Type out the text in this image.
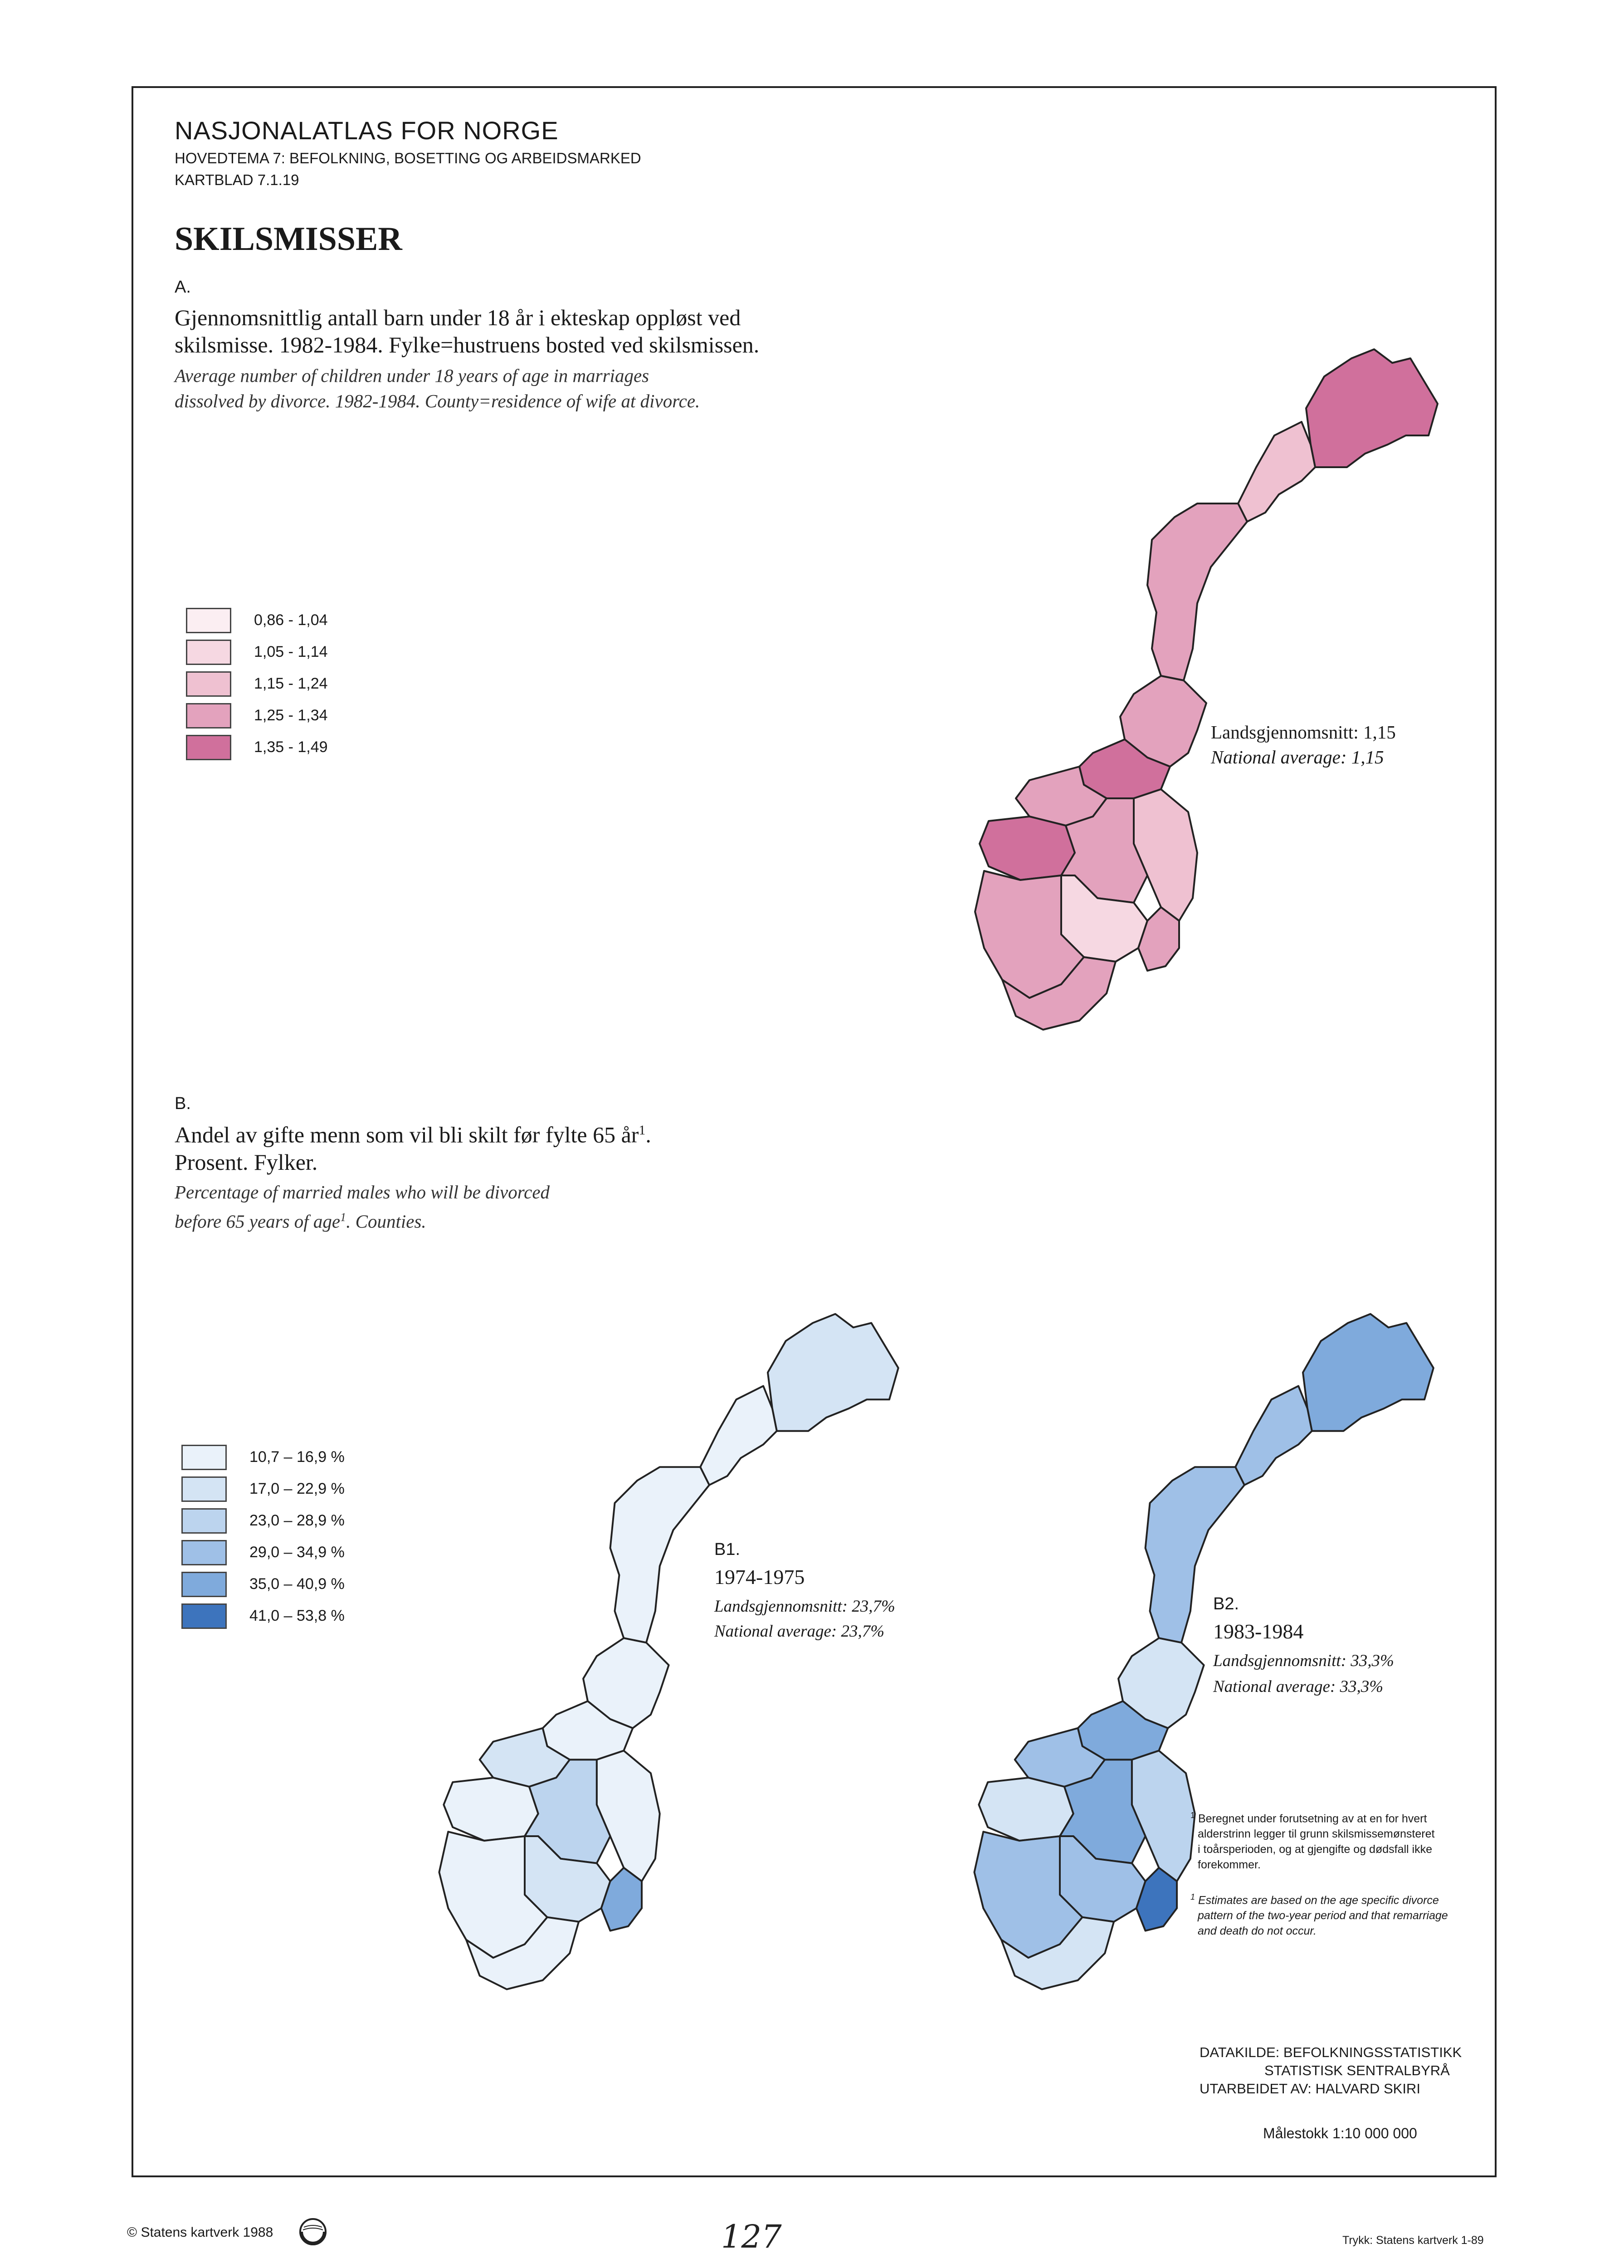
NASJONALATLAS FOR NORGE
HOVEDTEMA 7: BEFOLKNING, BOSETTING OG ARBEIDSMARKED
KARTBLAD 7.1.19
SKILSMISSER
A.
Gjennomsnittlig antall barn under 18 år i ekteskap oppløst ved
skilsmisse. 1982-1984. Fylke=hustruens bosted ved skilsmissen.
Average number of children under 18 years of age in marriages
dissolved by divorce. 1982-1984. County=residence of wife at divorce.
0,86 - 1,04
1,05 - 1,14
1,15 - 1,24
1,25 - 1,34
1,35 - 1,49
Landsgjennomsnitt: 1,15
National average: 1,15
B.
Andel av gifte menn som vil bli skilt før fylte 65 $år^1$.
Prosent. Fylker.
Percentage of married males who will be divorced
before 65 years of age$^1$. Counties.
10,7 – 16,9 %
17,0 – 22,9 %
23,0 – 28,9 %
29,0 – 34,9 %
35,0 – 40,9 %
41,0 – 53,8 %
B1.
1974-1975
Landsgjennomsnitt: 23,7%
National average: 23,7%
B2.
1983-1984
Landsgjennomsnitt: 33,3%
National average: 33,3%
$^1$ Beregnet under forutsetning av at en for hvert
alderstrinn legger til grunn skilsmissemønsteret
i toårsperioden, og at gjengifte og dødsfall ikke
forekommer.
$^1$ Estimates are based on the age specific divorce
pattern of the two-year period and that remarriage
and death do not occur.
DATAKILDE: BEFOLKNINGSSTATISTIKK
STATISTISK SENTRALBYRÅ
UTARBEIDET AV: HALVARD SKIRI
Målestokk 1:10 000 000
© Statens kartverk 1988	127	Trykk: Statens kartverk 1-89
